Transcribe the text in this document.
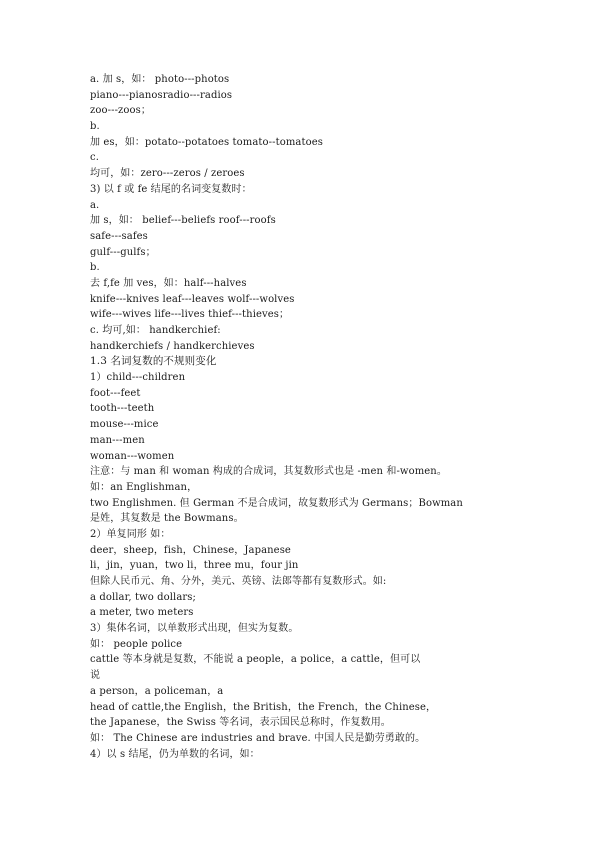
a. 加 s，如： photo---photos
piano---pianosradio---radios
zoo---zoos；
b.
加 es，如：potato--potatoes tomato--tomatoes
c.
均可，如：zero---zeros / zeroes
3) 以 f 或 fe 结尾的名词变复数时：
a.
加 s，如： belief---beliefs roof---roofs
safe---safes
gulf---gulfs；
b.
去 f,fe 加 ves，如：half---halves
knife---knives leaf---leaves wolf---wolves
wife---wives life---lives thief---thieves；
c. 均可,如： handkerchief:
handkerchiefs / handkerchieves
1.3 名词复数的不规则变化
1）child---children
foot---feet
tooth---teeth
mouse---mice
man---men
woman---women
注意：与 man 和 woman 构成的合成词，其复数形式也是 -men 和-women。
如：an Englishman，
two Englishmen. 但 German 不是合成词，故复数形式为 Germans；Bowman
是姓，其复数是 the Bowmans。
2）单复同形 如：
deer，sheep，fish，Chinese，Japanese
li，jin，yuan，two li，three mu，four jin
但除人民币元、角、分外，美元、英镑、法郎等都有复数形式。如:
a dollar, two dollars;
a meter, two meters
3）集体名词，以单数形式出现，但实为复数。
如： people police
cattle 等本身就是复数，不能说 a people，a police，a cattle，但可以
说
a person，a policeman，a
head of cattle,the English，the British，the French，the Chinese，
the Japanese，the Swiss 等名词，表示国民总称时，作复数用。
如： The Chinese are industries and brave. 中国人民是勤劳勇敢的。
4）以 s 结尾，仍为单数的名词，如：
